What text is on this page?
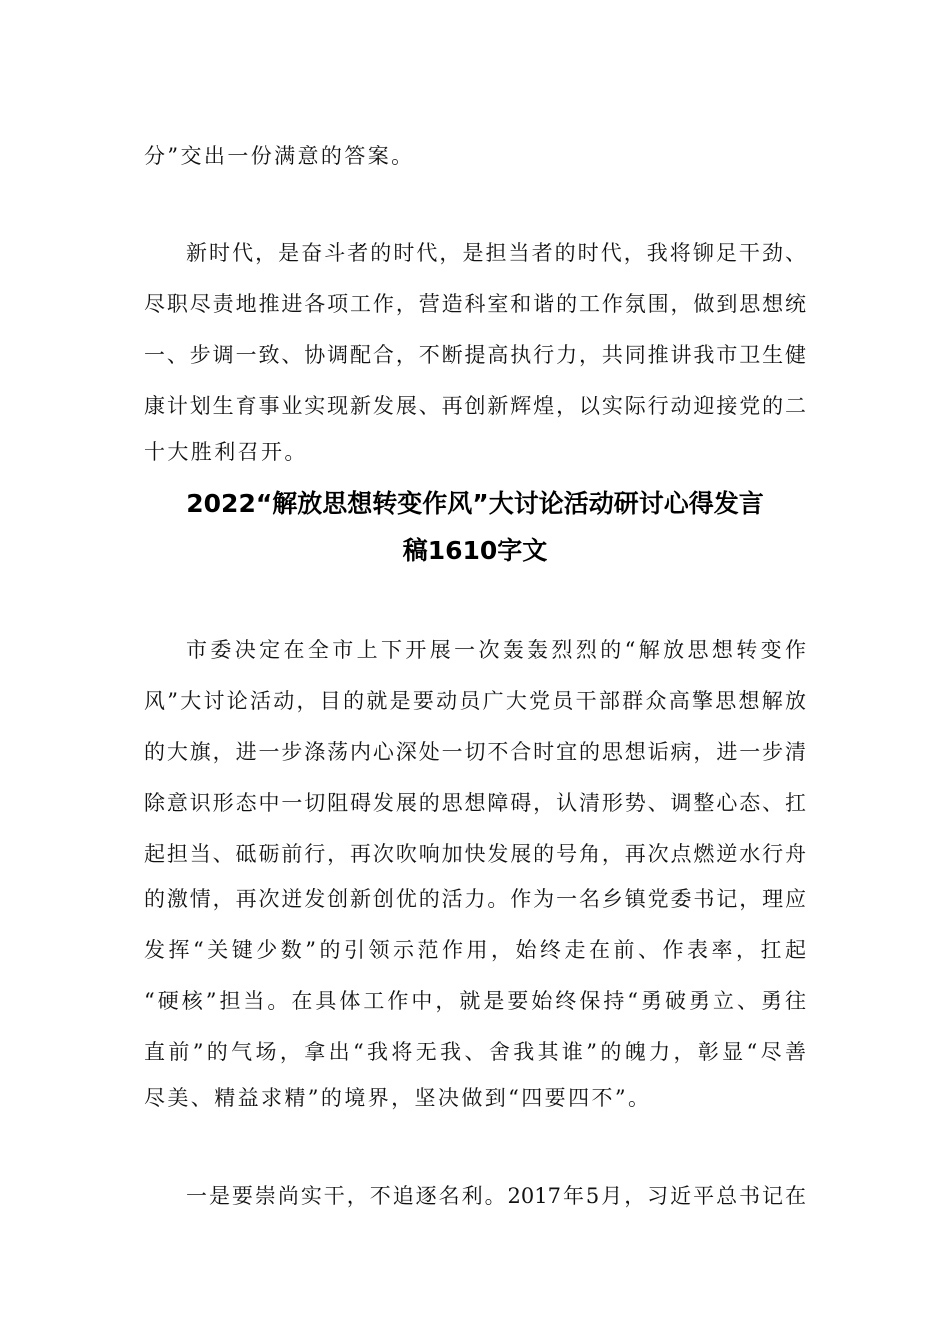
分”交出一份满意的答案。
新时代，是奋斗者的时代，是担当者的时代，我将铆足干劲、
尽职尽责地推进各项工作，营造科室和谐的工作氛围，做到思想统
一、步调一致、协调配合，不断提高执行力，共同推讲我市卫生健
康计划生育事业实现新发展、再创新辉煌，以实际行动迎接党的二
十大胜利召开。
2022“解放思想转变作风”大讨论活动研讨心得发言
稿1610字文
市委决定在全市上下开展一次轰轰烈烈的“解放思想转变作
风”大讨论活动，目的就是要动员广大党员干部群众高擎思想解放
的大旗，进一步涤荡内心深处一切不合时宜的思想诟病，进一步清
除意识形态中一切阻碍发展的思想障碍，认清形势、调整心态、扛
起担当、砥砺前行，再次吹响加快发展的号角，再次点燃逆水行舟
的激情，再次迸发创新创优的活力。作为一名乡镇党委书记，理应
发挥“关键少数”的引领示范作用，始终走在前、作表率，扛起
“硬核”担当。在具体工作中，就是要始终保持“勇破勇立、勇往
直前”的气场，拿出“我将无我、舍我其谁”的魄力，彰显“尽善
尽美、精益求精”的境界，坚决做到“四要四不”。
一是要崇尚实干，不追逐名利。2017年5月，习近平总书记在
